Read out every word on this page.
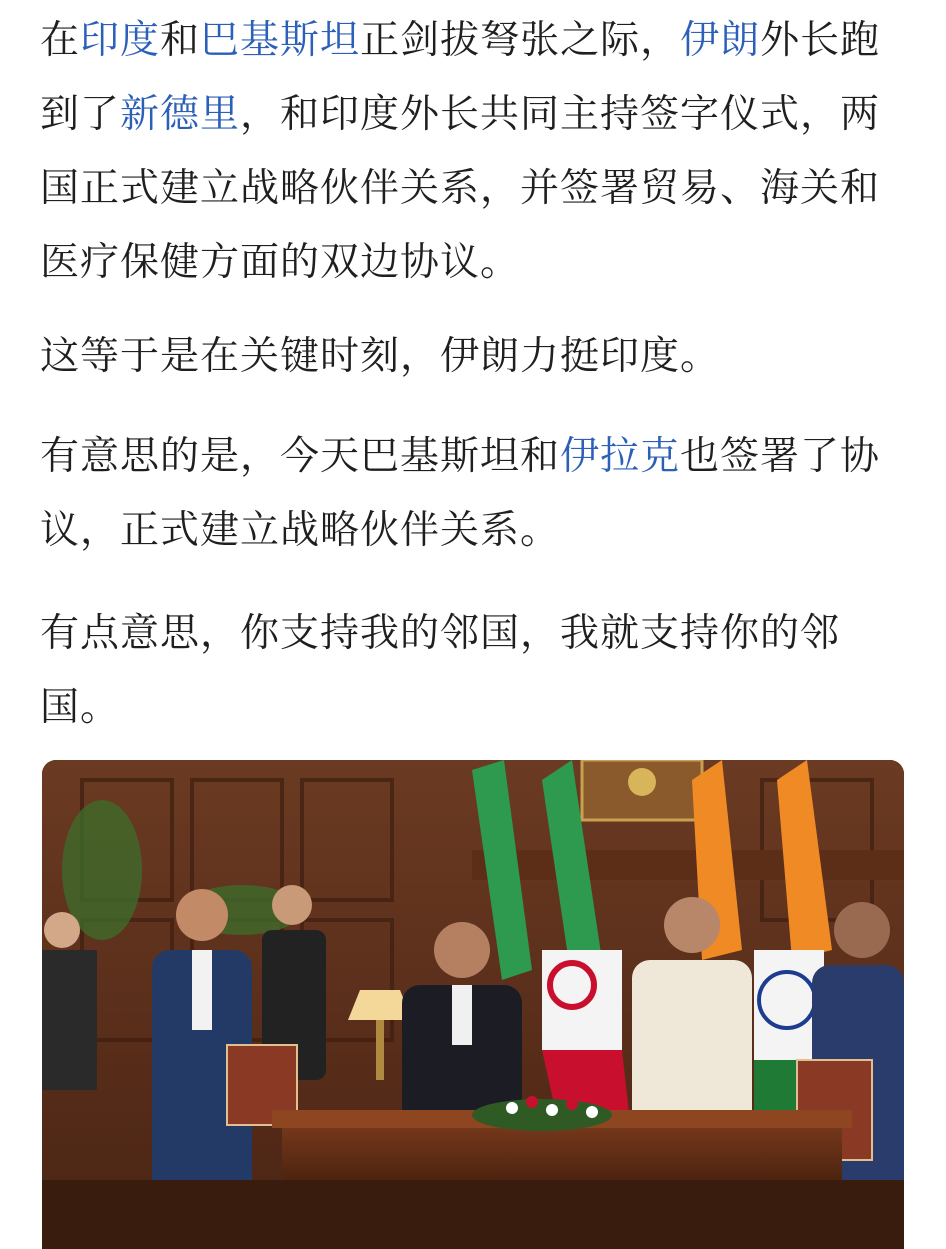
在印度和巴基斯坦正剑拔弩张之际，伊朗外长跑到了新德里，和印度外长共同主持签字仪式，两国正式建立战略伙伴关系，并签署贸易、海关和医疗保健方面的双边协议。

这等于是在关键时刻，伊朗力挺印度。

有意思的是，今天巴基斯坦和伊拉克也签署了协议，正式建立战略伙伴关系。

有点意思，你支持我的邻国，我就支持你的邻国。
